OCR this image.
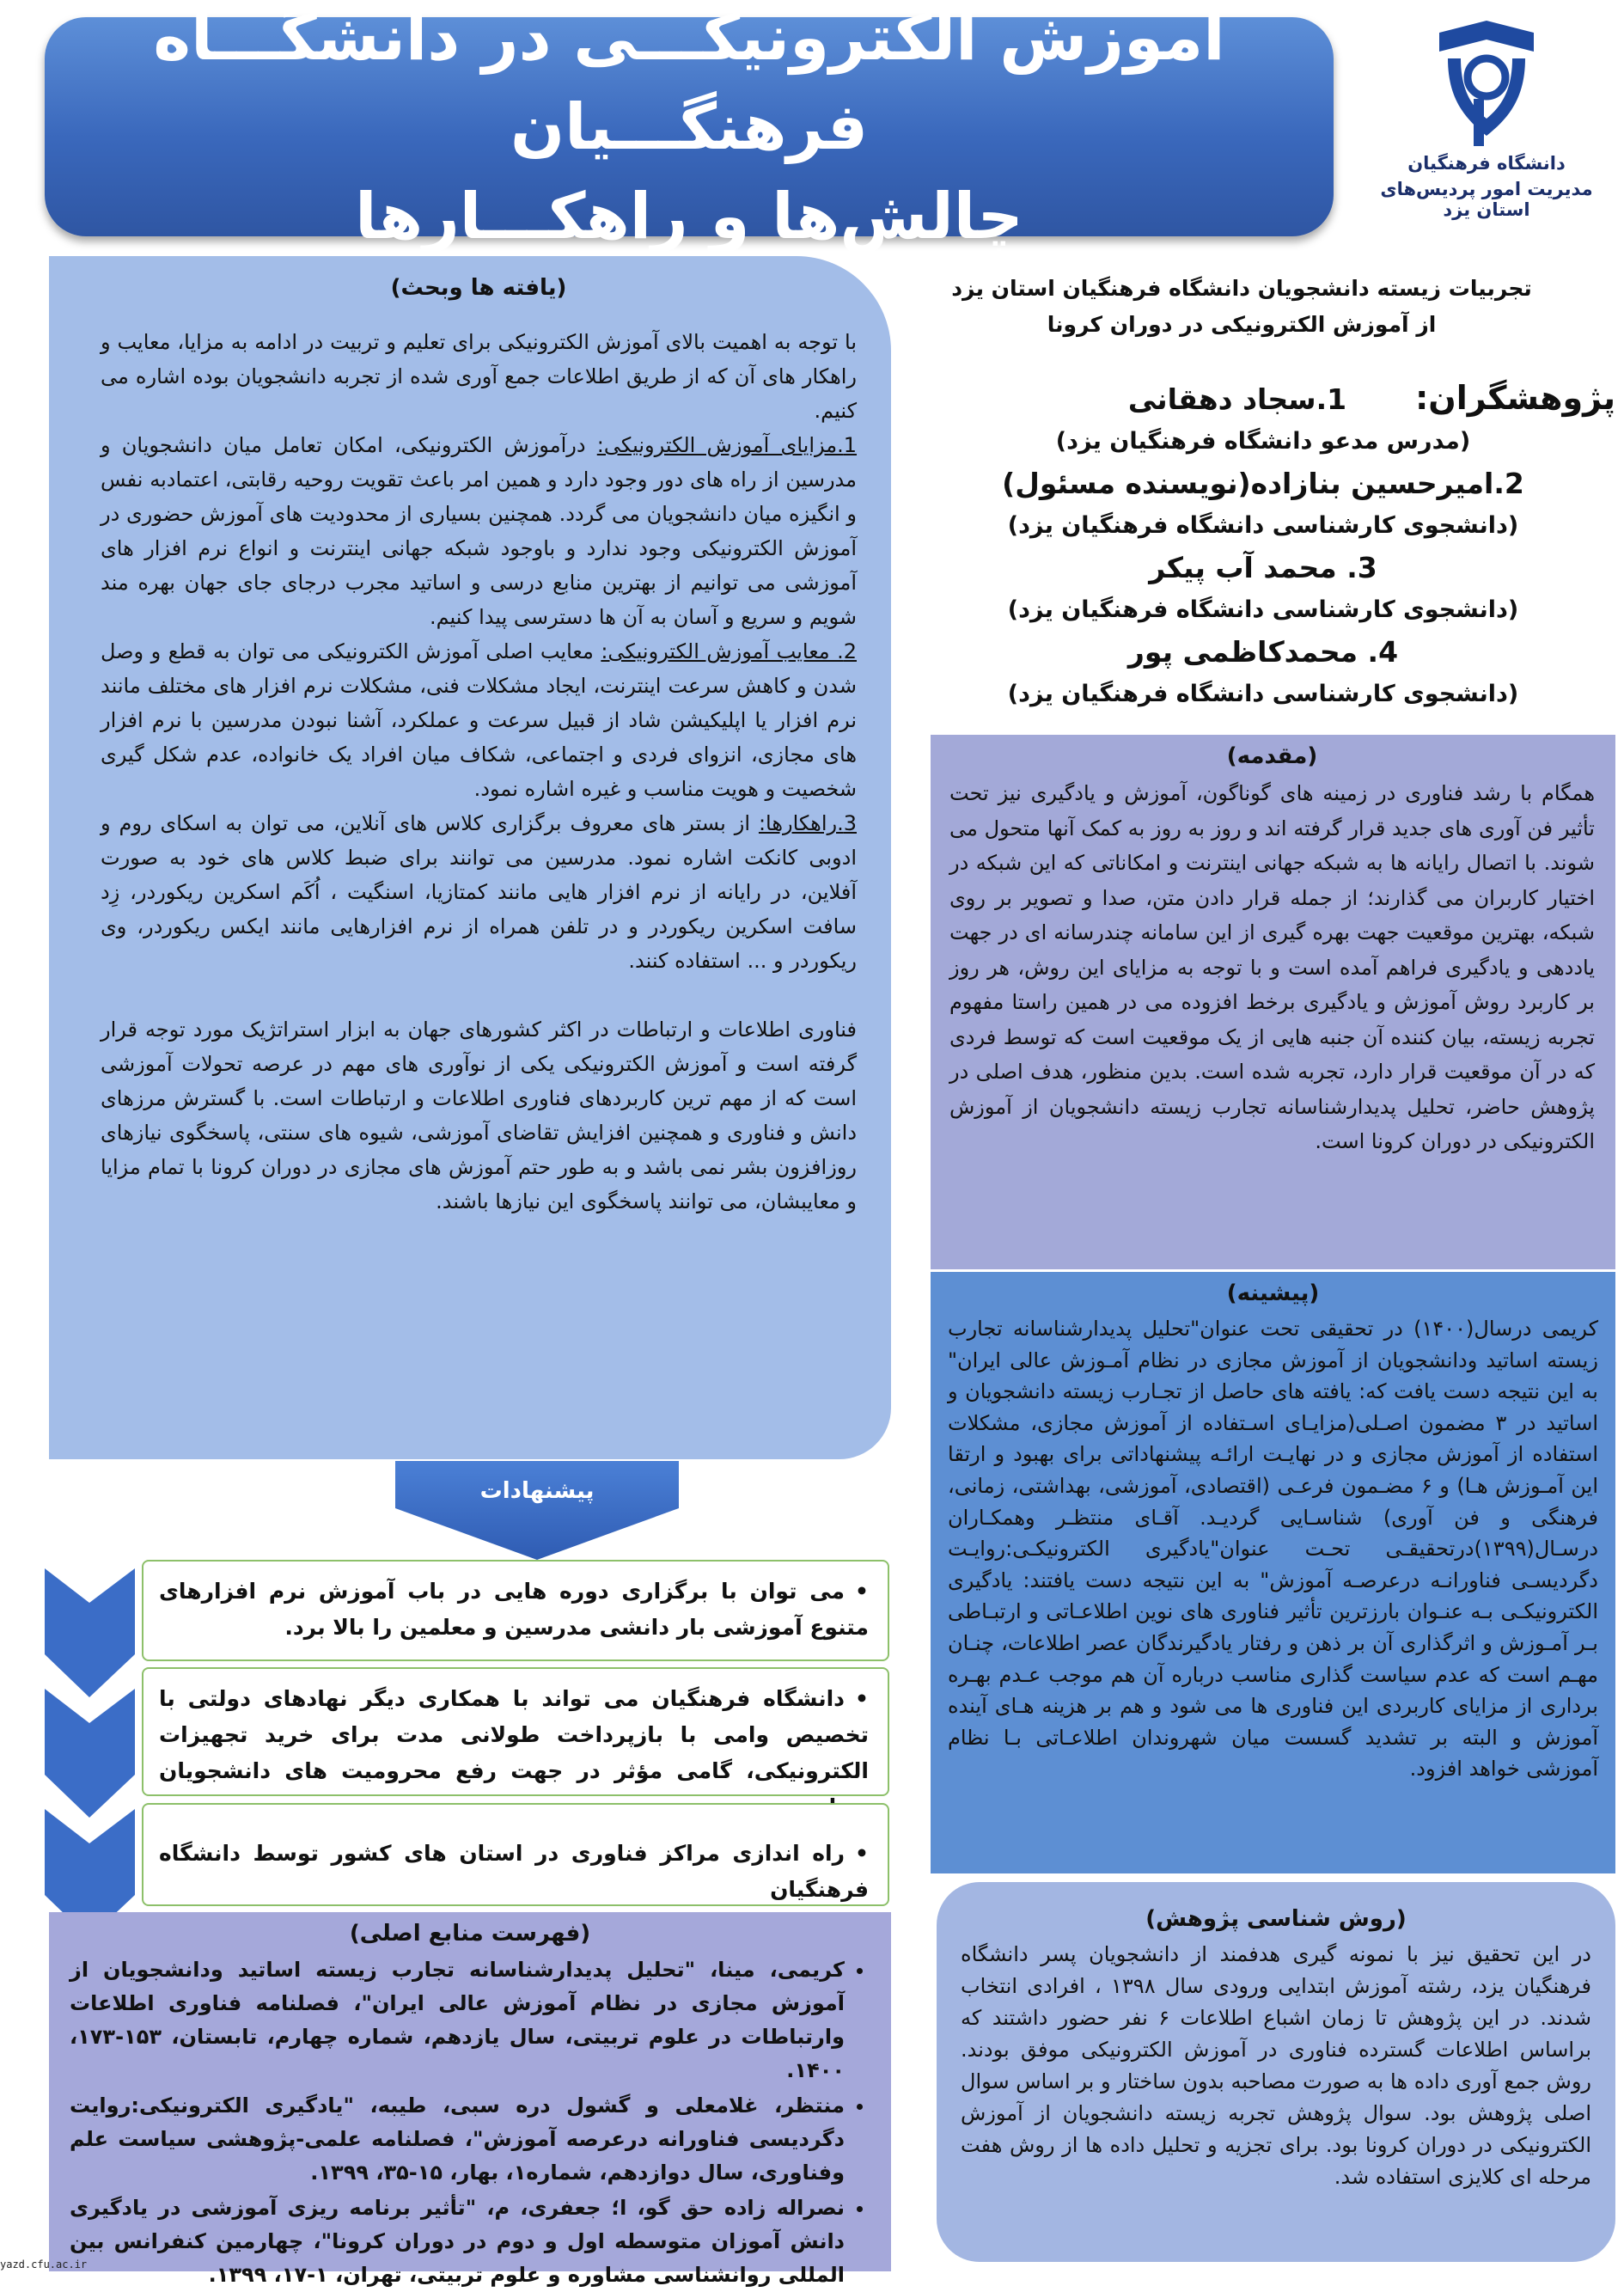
آموزش الکترونیکـــی در دانشگـــاه فرهنگـــیان
چالش‌ها و راهکـــارها
دانشگاه فرهنگیان
مدیریت امور پردیس‌های استان یزد
تجربیات زیسته دانشجویان دانشگاه فرهنگیان استان یزد
از آموزش الکترونیکی در دوران کرونا
پژوهشگران:
1.سجاد دهقانی
(مدرس مدعو دانشگاه فرهنگیان یزد)
2.امیرحسین بنازاده(نویسنده مسئول)
(دانشجوی کارشناسی دانشگاه فرهنگیان یزد)
3. محمد آب پیکر
(دانشجوی کارشناسی دانشگاه فرهنگیان یزد)
4. محمدکاظمی پور
(دانشجوی کارشناسی دانشگاه فرهنگیان یزد)
(مقدمه)
همگام با رشد فناوری در زمینه های گوناگون، آموزش و یادگیری نیز تحت تأثیر فن آوری های جدید قرار گرفته اند و روز به روز به کمک آنها متحول می شوند. با اتصال رایانه ها به شبکه جهانی اینترنت و امکاناتی که این شبکه در اختیار کاربران می گذارند؛ از جمله قرار دادن متن، صدا و تصویر بر روی شبکه، بهترین موقعیت جهت بهره گیری از این سامانه چندرسانه ای در جهت یاددهی و یادگیری فراهم آمده است و با توجه به مزایای این روش، هر روز بر کاربرد روش آموزش و یادگیری برخط افزوده می در همین راستا مفهوم تجربه زیسته، بیان کننده آن جنبه هایی از یک موقعیت است که توسط فردی که در آن موقعیت قرار دارد، تجربه شده است. بدین منظور، هدف اصلی در پژوهش حاضر، تحلیل پدیدارشناسانه تجارب زیسته دانشجویان از آموزش الکترونیکی در دوران کرونا است.
(پیشینه)
کریمی درسال(۱۴۰۰) در تحقیقی تحت عنوان"تحلیل پدیدارشناسانه تجارب زیسته اساتید ودانشجویان از آموزش مجازی در نظام آمـوزش عالی ایران" به این نتیجه دست یافت که: یافته های حاصل از تجـارب زیسته دانشجویان و اساتید در ۳ مضمون اصـلی(مزایـای اسـتفاده از آموزش مجازی، مشکلات استفاده از آموزش مجازی و در نهایـت ارائـه پیشنهاداتی برای بهبود و ارتقا این آمـوزش هـا) و ۶ مضـمون فرعـی (اقتصادی، آموزشی، بهداشتی، زمانی، فرهنگی و فن آوری) شناسـایی گردیـد. آقـای منتظـر وهمکـاران درسـال(۱۳۹۹)درتحقیقـی تحـت عنوان"یادگیری الکترونیکـی:روایـت دگردیسـی فناورانـه درعرصـه آموزش" به این نتیجه دست یافتند: یادگیری الکترونیکـی بـه عنـوان بارزترین تأثیر فناوری های نوین اطلاعـاتی و ارتبـاطی بـر آمـوزش و اثرگذاری آن بر ذهن و رفتار یادگیرندگان عصر اطلاعات، چنـان مهـم است که عدم سیاست گذاری مناسب درباره آن هم موجب عـدم بهـره برداری از مزایای کاربردی این فناوری ها می شود و هم بر هزینه هـای آینده آموزش و البته بر تشدید گسست میان شهروندان اطلاعـاتی بـا نظام آموزشی خواهد افزود.
(روش شناسی پژوهش)
در این تحقیق نیز با نمونه گیری هدفمند از دانشجویان پسر دانشگاه فرهنگیان یزد، رشته آموزش ابتدایی ورودی سال ۱۳۹۸ ، افرادی انتخاب شدند. در این پژوهش تا زمان اشباع اطلاعات ۶ نفر حضور داشتند که براساس اطلاعات گسترده فناوری در آموزش الکترونیکی موفق بودند. روش جمع آوری داده ها به صورت مصاحبه بدون ساختار و بر اساس سوال اصلی پژوهش بود. سوال پژوهش تجربه زیسته دانشجویان از آموزش الکترونیکی در دوران کرونا بود. برای تجزیه و تحلیل داده ها از روش هفت مرحله ای کلایزی استفاده شد.
(یافته ها وبحث)

با توجه به اهمیت بالای آموزش الکترونیکی برای تعلیم و تربیت در ادامه به مزایا، معایب و راهکار های آن که از طریق اطلاعات جمع آوری شده از تجربه دانشجویان بوده اشاره می کنیم.

1.مزایای آموزش الکترونیکی: درآموزش الکترونیکی، امکان تعامل میان دانشجویان و مدرسین از راه های دور وجود دارد و همین امر باعث تقویت روحیه رقابتی، اعتمادبه نفس و انگیزه میان دانشجویان می گردد. همچنین بسیاری از محدودیت های آموزش حضوری در آموزش الکترونیکی وجود ندارد و باوجود شبکه جهانی اینترنت و انواع نرم افزار های آموزشی می توانیم از بهترین منابع درسی و اساتید مجرب درجای جای جهان بهره مند شویم و سریع و آسان به آن ها دسترسی پیدا کنیم.

2. معایب آموزش الکترونیکی: معایب اصلی آموزش الکترونیکی می توان به قطع و وصل شدن و کاهش سرعت اینترنت، ایجاد مشکلات فنی، مشکلات نرم افزار های مختلف مانند نرم افزار یا اپلیکیشن شاد از قبیل سرعت و عملکرد، آشنا نبودن مدرسین با نرم افزار های مجازی، انزوای فردی و اجتماعی، شکاف میان افراد یک خانواده، عدم شکل گیری شخصیت و هویت مناسب و غیره اشاره نمود.

3.راهکارها: از بستر های معروف برگزاری کلاس های آنلاین، می توان به اسکای روم و ادوبی کانکت اشاره نمود. مدرسین می توانند برای ضبط کلاس های خود به صورت آفلاین، در رایانه از نرم افزار هایی مانند کمتازیا، اسنگیت ، اُکَم اسکرین ریکوردر، زِد سافت اسکرین ریکوردر و در تلفن همراه از نرم افزارهایی مانند ایکس ریکوردر، وی ریکوردر و ... استفاده کنند.

فناوری اطلاعات و ارتباطات در اکثر کشورهای جهان به ابزار استراتژیک مورد توجه قرار گرفته است و آموزش الکترونیکی یکی از نوآوری های مهم در عرصه تحولات آموزشی است که از مهم ترین کاربردهای فناوری اطلاعات و ارتباطات است. با گسترش مرزهای دانش و فناوری و همچنین افزایش تقاضای آموزشی، شیوه های سنتی، پاسخگوی نیازهای روزافزون بشر نمی باشد و به طور حتم آموزش های مجازی در دوران کرونا با تمام مزایا و معایبشان، می توانند پاسخگوی این نیازها باشند.

پیشنهادات
•می توان با برگزاری دوره هایی در باب آموزش نرم افزارهای متنوع آموزشی بار دانشی مدرسین و معلمین را بالا برد.
•دانشگاه فرهنگیان می تواند با همکاری دیگر نهادهای دولتی با تخصیص وامی با بازپرداخت طولانی مدت برای خرید تجهیزات الکترونیکی، گامی مؤثر در جهت رفع محرومیت های دانشجویان
•راه اندازی مراکز فناوری در استان های کشور توسط دانشگاه فرهنگیان
(فهرست منابع اصلی)
• کریمی، مینا، "تحلیل پدیدارشناسانه تجارب زیسته اساتید ودانشجویان از آموزش مجازی در نظام آموزش عالی ایران"، فصلنامه فناوری اطلاعات وارتباطات در علوم تربیتی، سال یازدهم، شماره چهارم، تابستان، ۱۵۳-۱۷۳، ۱۴۰۰.
• منتظر، غلامعلی و گشول دره سبی، طیبه، "یادگیری الکترونیکی:روایت دگردیسی فناورانه درعرصه آموزش"، فصلنامه علمی-پژوهشی سیاست علم وفناوری، سال دوازدهم، شماره۱، بهار، ۱۵-۳۵، ۱۳۹۹.
• نصراله زاده حق گو، ا؛ جعفری، م، "تأثیر برنامه ریزی آموزشی در یادگیری دانش آموزان متوسطه اول و دوم در دوران کرونا"، چهارمین کنفرانس بین المللی روانشناسی مشاوره و علوم تربیتی، تهران، ۱-۱۷، ۱۳۹۹.
yazd.cfu.ac.ir
